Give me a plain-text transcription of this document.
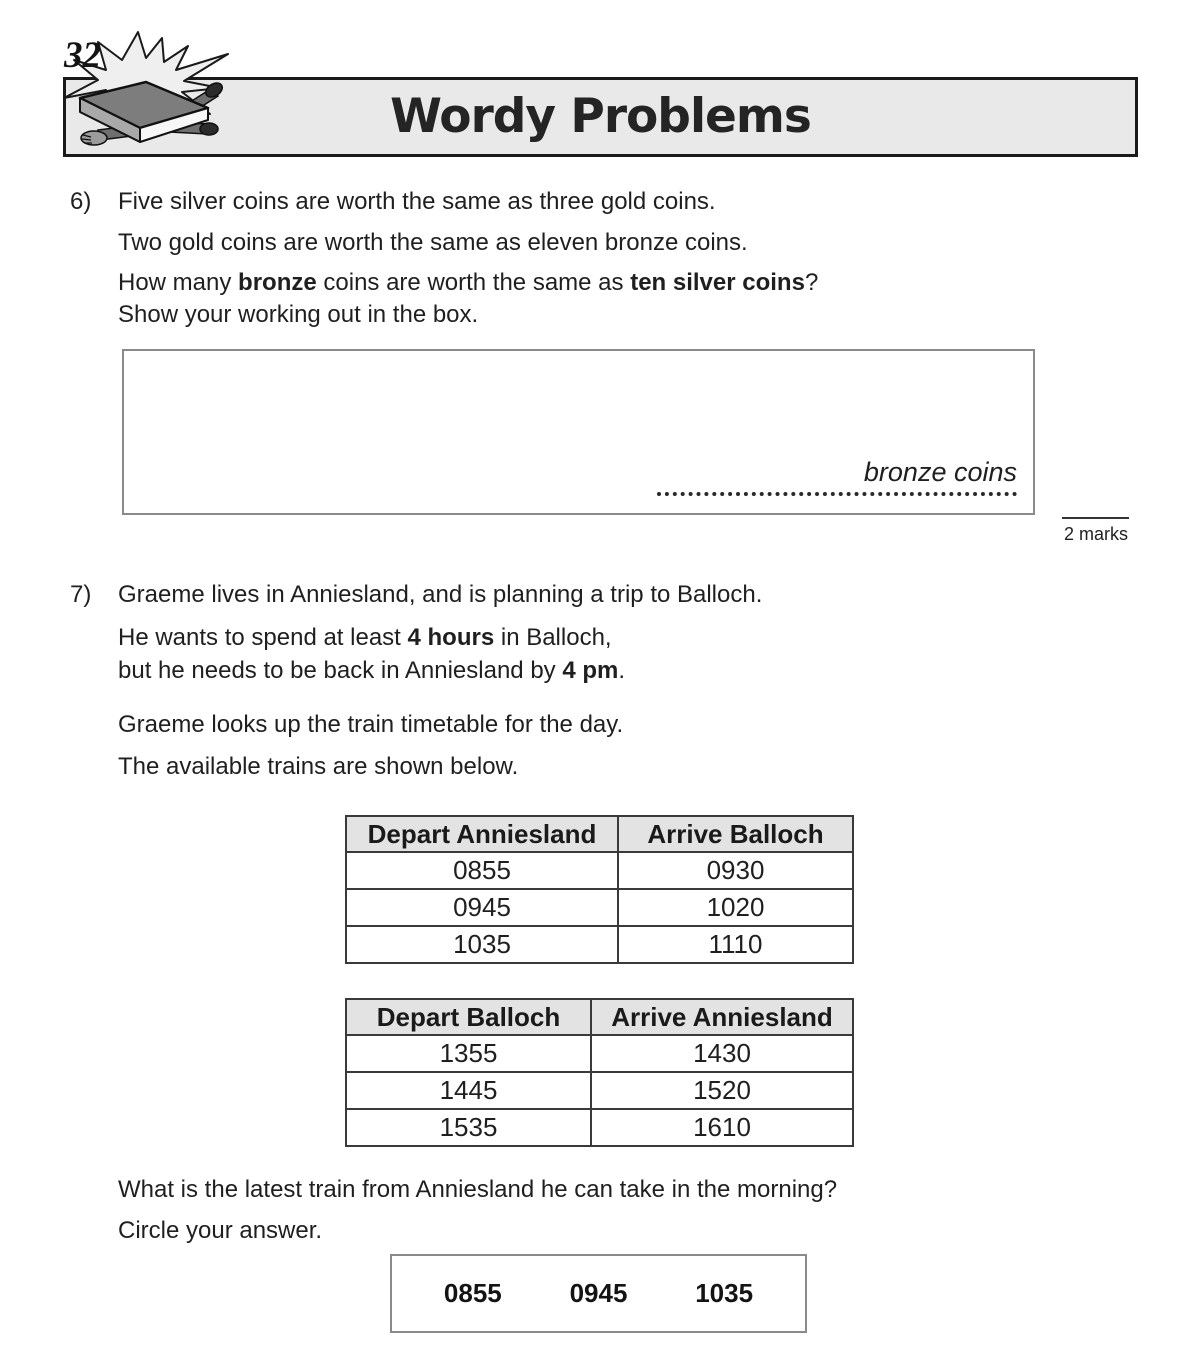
32
Wordy Problems
6) Five silver coins are worth the same as three gold coins.
Two gold coins are worth the same as eleven bronze coins.
How many bronze coins are worth the same as ten silver coins?
Show your working out in the box.
bronze coins
2 marks
7) Graeme lives in Anniesland, and is planning a trip to Balloch.
He wants to spend at least 4 hours in Balloch,
but he needs to be back in Anniesland by 4 pm.
Graeme looks up the train timetable for the day.
The available trains are shown below.
Depart Anniesland	Arrive Balloch
0855	0930
0945	1020
1035	1110
Depart Balloch	Arrive Anniesland
1355	1430
1445	1520
1535	1610
What is the latest train from Anniesland he can take in the morning?
Circle your answer.
0855	0945	1035
